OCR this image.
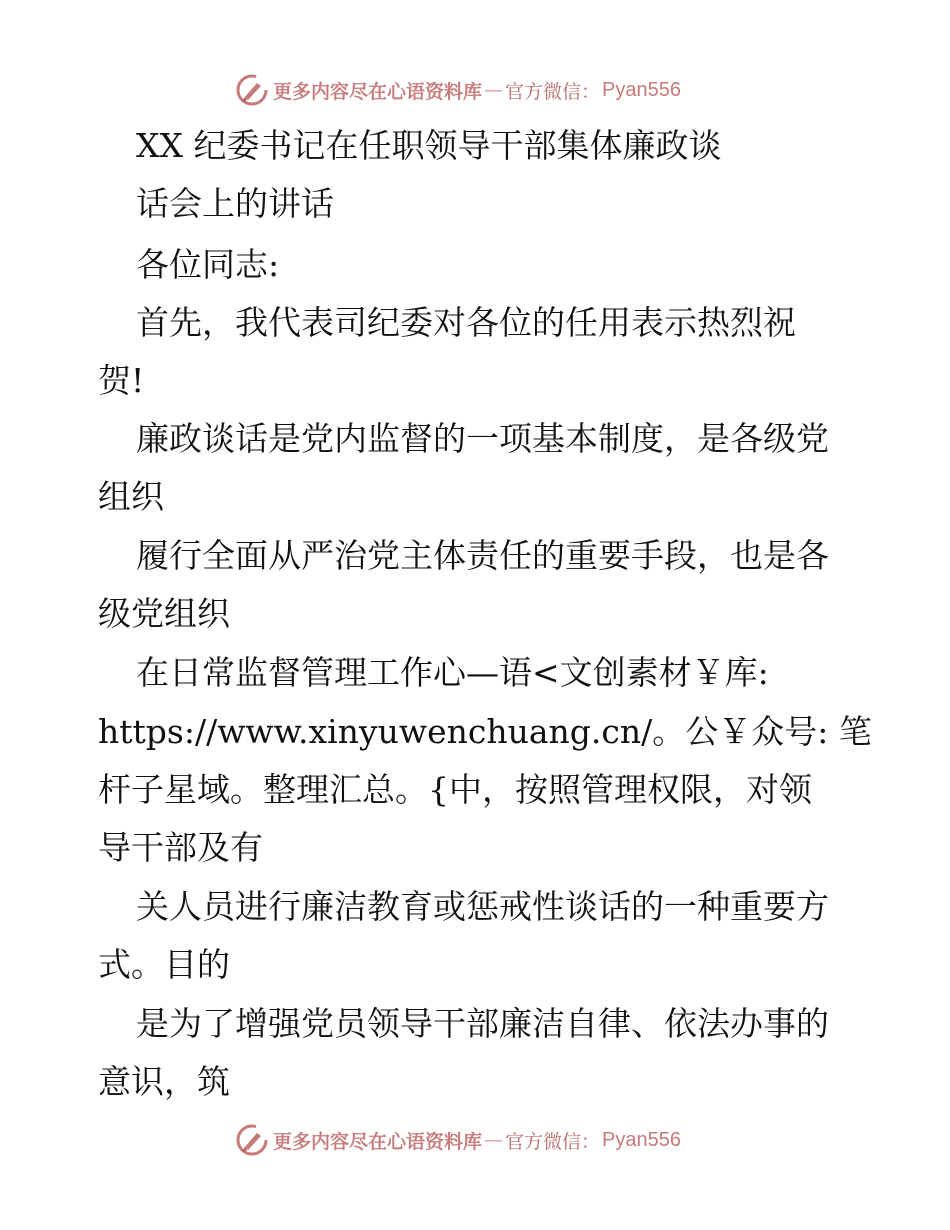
更多内容尽在心语资料库 — 官方微信： Pyan556
XX 纪委书记在任职领导干部集体廉政谈
话会上的讲话
各位同志:
首先，我代表司纪委对各位的任用表示热烈祝
贺!
廉政谈话是党内监督的一项基本制度，是各级党
组织
履行全面从严治党主体责任的重要手段，也是各
级党组织
在日常监督管理工作心—语<文创素材￥库:
https://www.xinyuwenchuang.cn/。公￥众号: 笔
杆子星域。整理汇总。{中，按照管理权限，对领
导干部及有
关人员进行廉洁教育或惩戒性谈话的一种重要方
式。目的
是为了增强党员领导干部廉洁自律、依法办事的
意识，筑
更多内容尽在心语资料库 — 官方微信： Pyan556
